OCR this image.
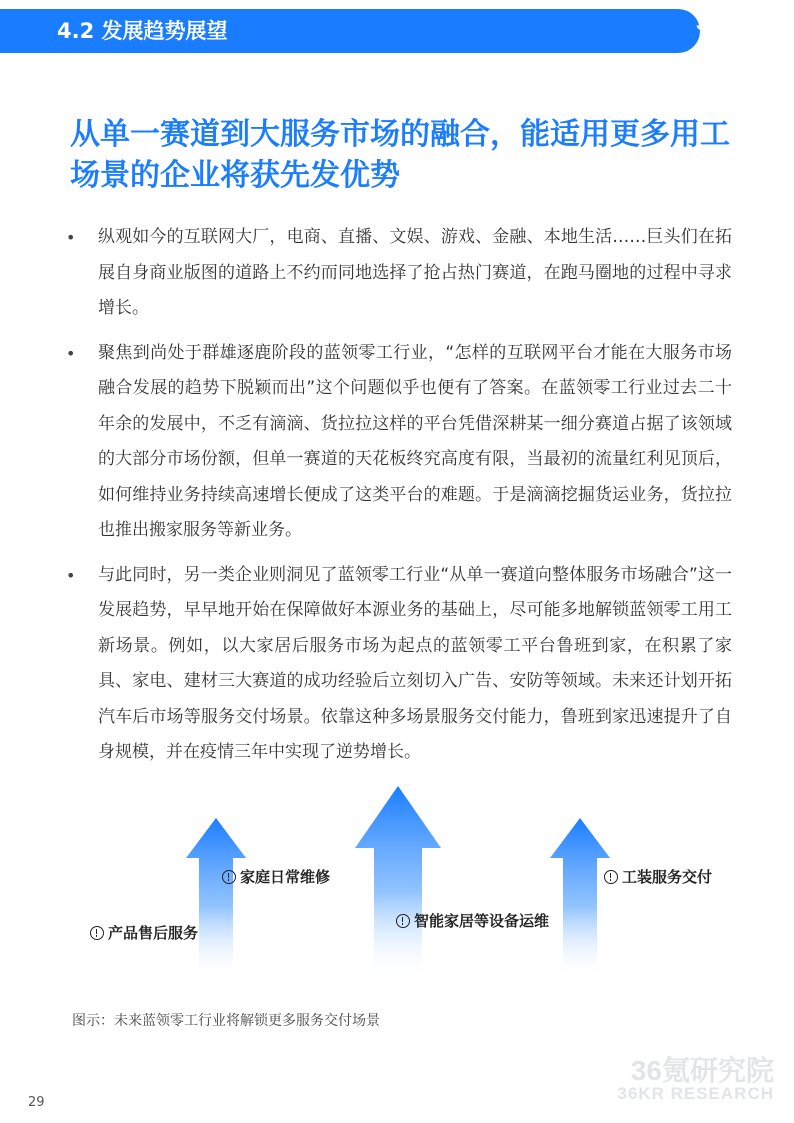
4.2 发展趋势展望	36
从单一赛道到大服务市场的融合，能适用更多用工场景的企业将获先发优势
• 纵观如今的互联网大厂，电商、直播、文娱、游戏、金融、本地生活……巨头们在拓展自身商业版图的道路上不约而同地选择了抢占热门赛道，在跑马圈地的过程中寻求增长。
• 聚焦到尚处于群雄逐鹿阶段的蓝领零工行业，“怎样的互联网平台才能在大服务市场融合发展的趋势下脱颖而出”这个问题似乎也便有了答案。在蓝领零工行业过去二十年余的发展中，不乏有滴滴、货拉拉这样的平台凭借深耕某一细分赛道占据了该领域的大部分市场份额，但单一赛道的天花板终究高度有限，当最初的流量红利见顶后，如何维持业务持续高速增长便成了这类平台的难题。于是滴滴挖掘货运业务，货拉拉也推出搬家服务等新业务。
• 与此同时，另一类企业则洞见了蓝领零工行业“从单一赛道向整体服务市场融合”这一发展趋势，早早地开始在保障做好本源业务的基础上，尽可能多地解锁蓝领零工用工新场景。例如，以大家居后服务市场为起点的蓝领零工平台鲁班到家，在积累了家具、家电、建材三大赛道的成功经验后立刻切入广告、安防等领域。未来还计划开拓汽车后市场等服务交付场景。依靠这种多场景服务交付能力，鲁班到家迅速提升了自身规模，并在疫情三年中实现了逆势增长。
产品售后服务
家庭日常维修
智能家居等设备运维
工装服务交付
图示：未来蓝领零工行业将解锁更多服务交付场景
29
36氪研究院
36KR RESEARCH
